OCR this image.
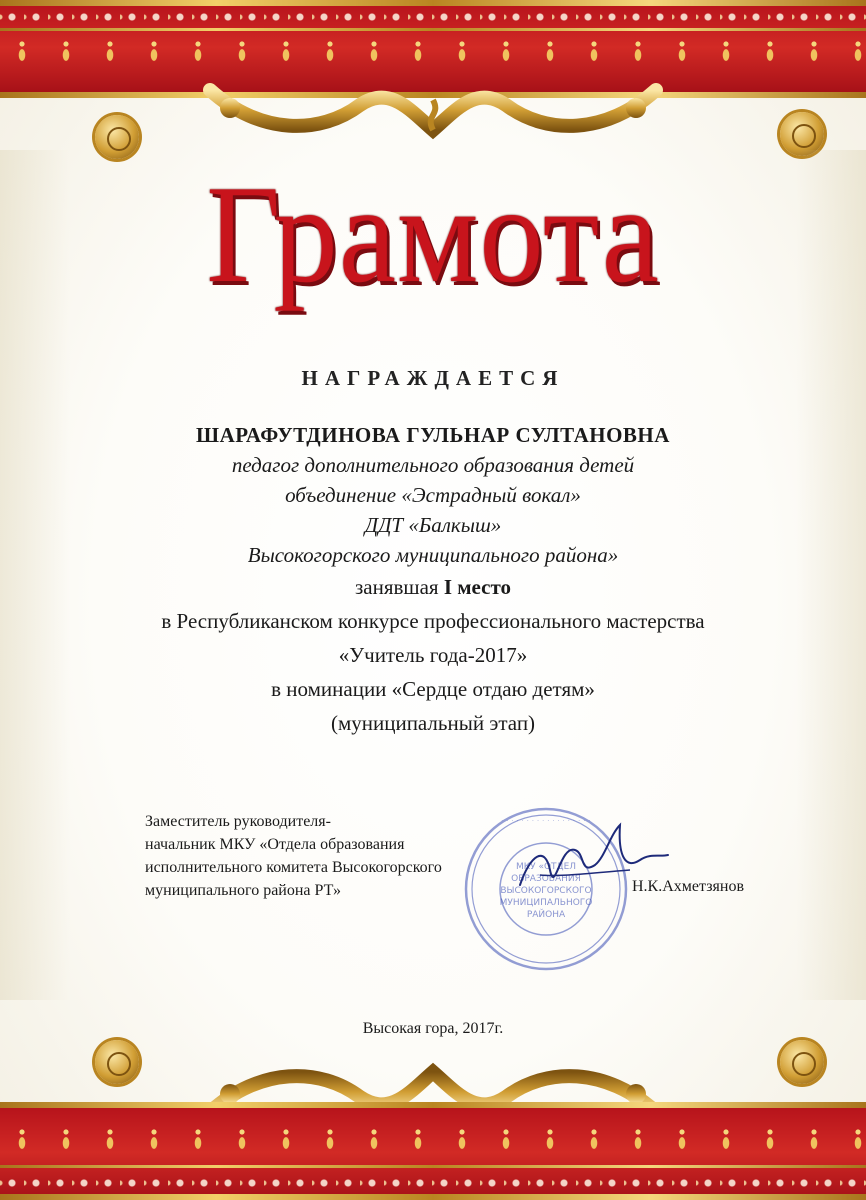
Грамота
НАГРАЖДАЕТСЯ
ШАРАФУТДИНОВА ГУЛЬНАР СУЛТАНОВНА
педагог дополнительного образования детей
объединение «Эстрадный вокал»
ДДТ «Балкыш»
Высокогорского муниципального района»
занявшая I место
в Республиканском конкурсе профессионального мастерства
«Учитель года-2017»
в номинации «Сердце отдаю детям»
(муниципальный этап)
Заместитель руководителя-
начальник МКУ «Отдела образования
исполнительного комитета Высокогорского
муниципального района РТ»
· · · · · · · · · · · · · · · · · ·
МКУ «ОТДЕЛ
ОБРАЗОВАНИЯ
ВЫСОКОГОРСКОГО
МУНИЦИПАЛЬНОГО
РАЙОНА
Н.К.Ахметзянов
Высокая гора, 2017г.
